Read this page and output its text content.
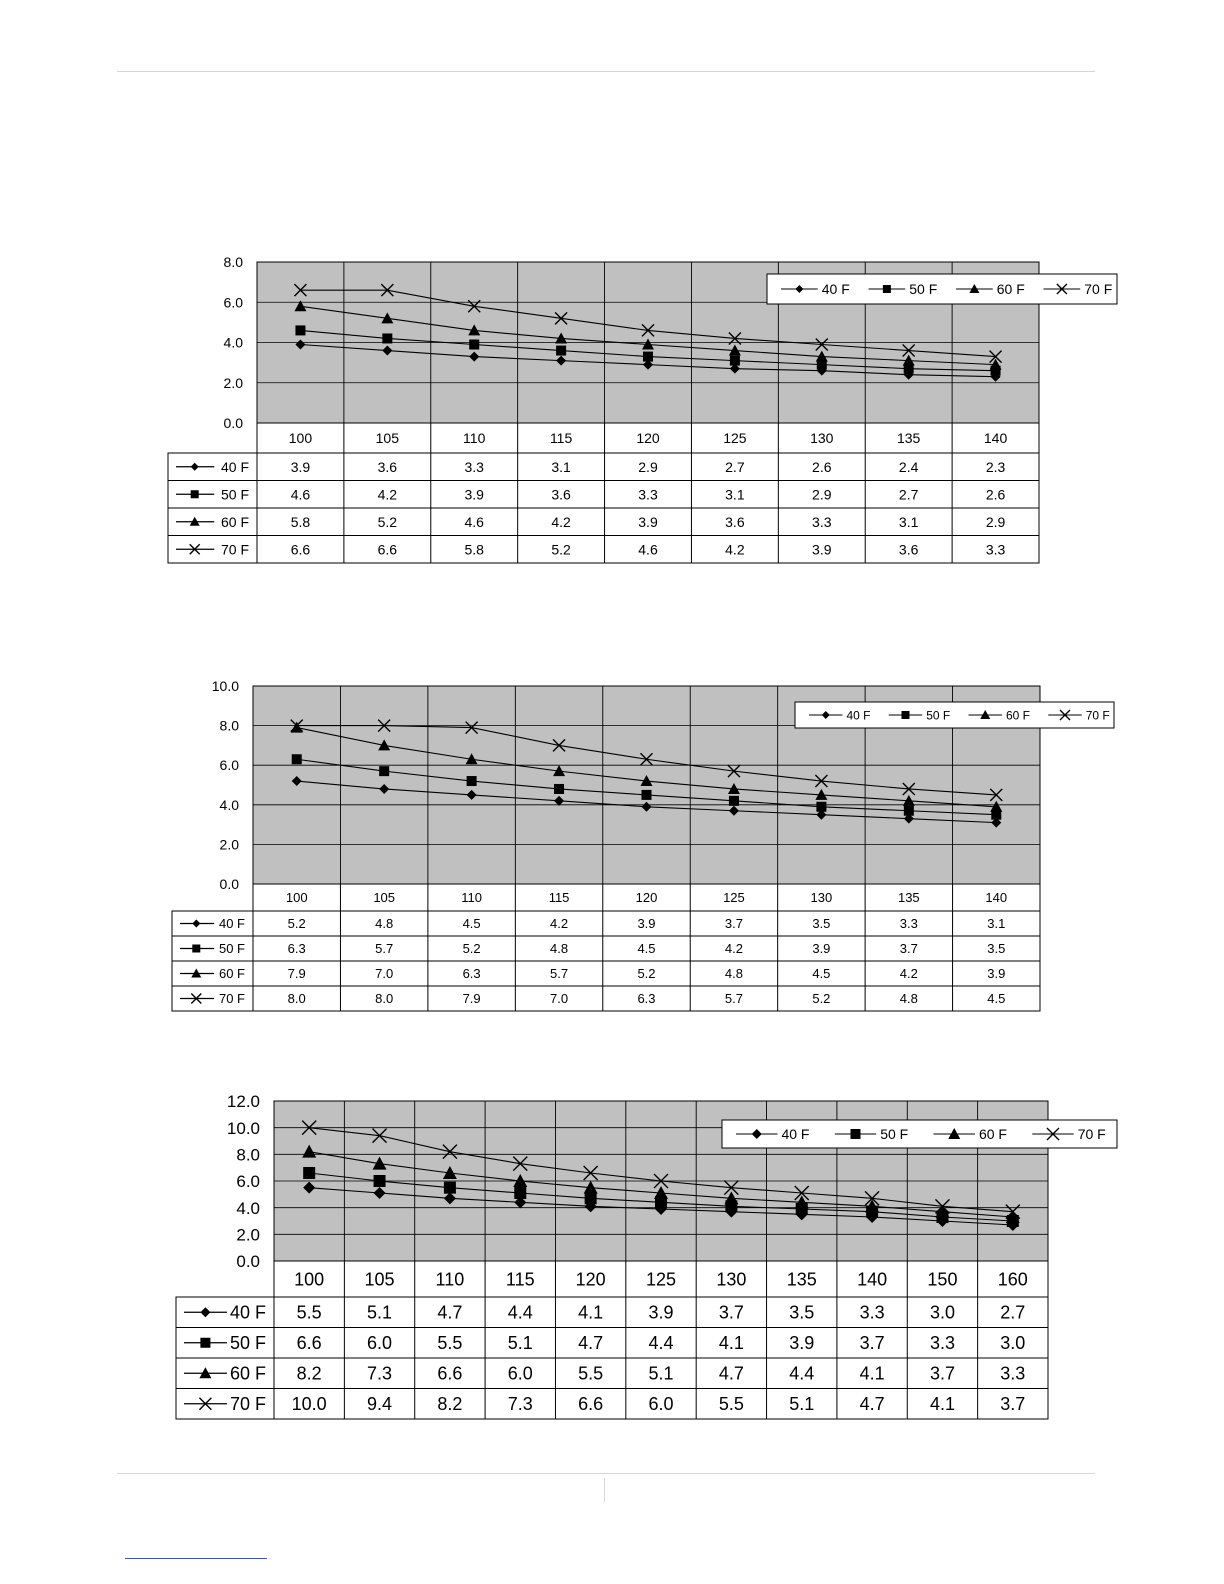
0.0
2.0
4.0
6.0
8.0
100	105	110	115	120	125	130	135	140
40 F	3.9	3.6	3.3	3.1	2.9	2.7	2.6	2.4	2.3
50 F	4.6	4.2	3.9	3.6	3.3	3.1	2.9	2.7	2.6
60 F	5.8	5.2	4.6	4.2	3.9	3.6	3.3	3.1	2.9
70 F	6.6	6.6	5.8	5.2	4.6	4.2	3.9	3.6	3.3
40 F	50 F	60 F	70 F
0.0
2.0
4.0
6.0
8.0
10.0
100	105	110	115	120	125	130	135	140
40 F	5.2	4.8	4.5	4.2	3.9	3.7	3.5	3.3	3.1
50 F	6.3	5.7	5.2	4.8	4.5	4.2	3.9	3.7	3.5
60 F	7.9	7.0	6.3	5.7	5.2	4.8	4.5	4.2	3.9
70 F	8.0	8.0	7.9	7.0	6.3	5.7	5.2	4.8	4.5
40 F	50 F	60 F	70 F
0.0
2.0
4.0
6.0
8.0
10.0
12.0
100 105 110 115 120 125 130 135 140 150 160
40 F 5.5	5.1	4.7	4.4	4.1	3.9	3.7	3.5	3.3	3.0	2.7
50 F 6.6	6.0	5.5	5.1	4.7	4.4	4.1	3.9	3.7	3.3	3.0
60 F 8.2	7.3	6.6	6.0	5.5	5.1	4.7	4.4	4.1	3.7	3.3
70 F 10.0 9.4	8.2	7.3	6.6	6.0	5.5	5.1	4.7	4.1	3.7
40 F	50 F	60 F	70 F
